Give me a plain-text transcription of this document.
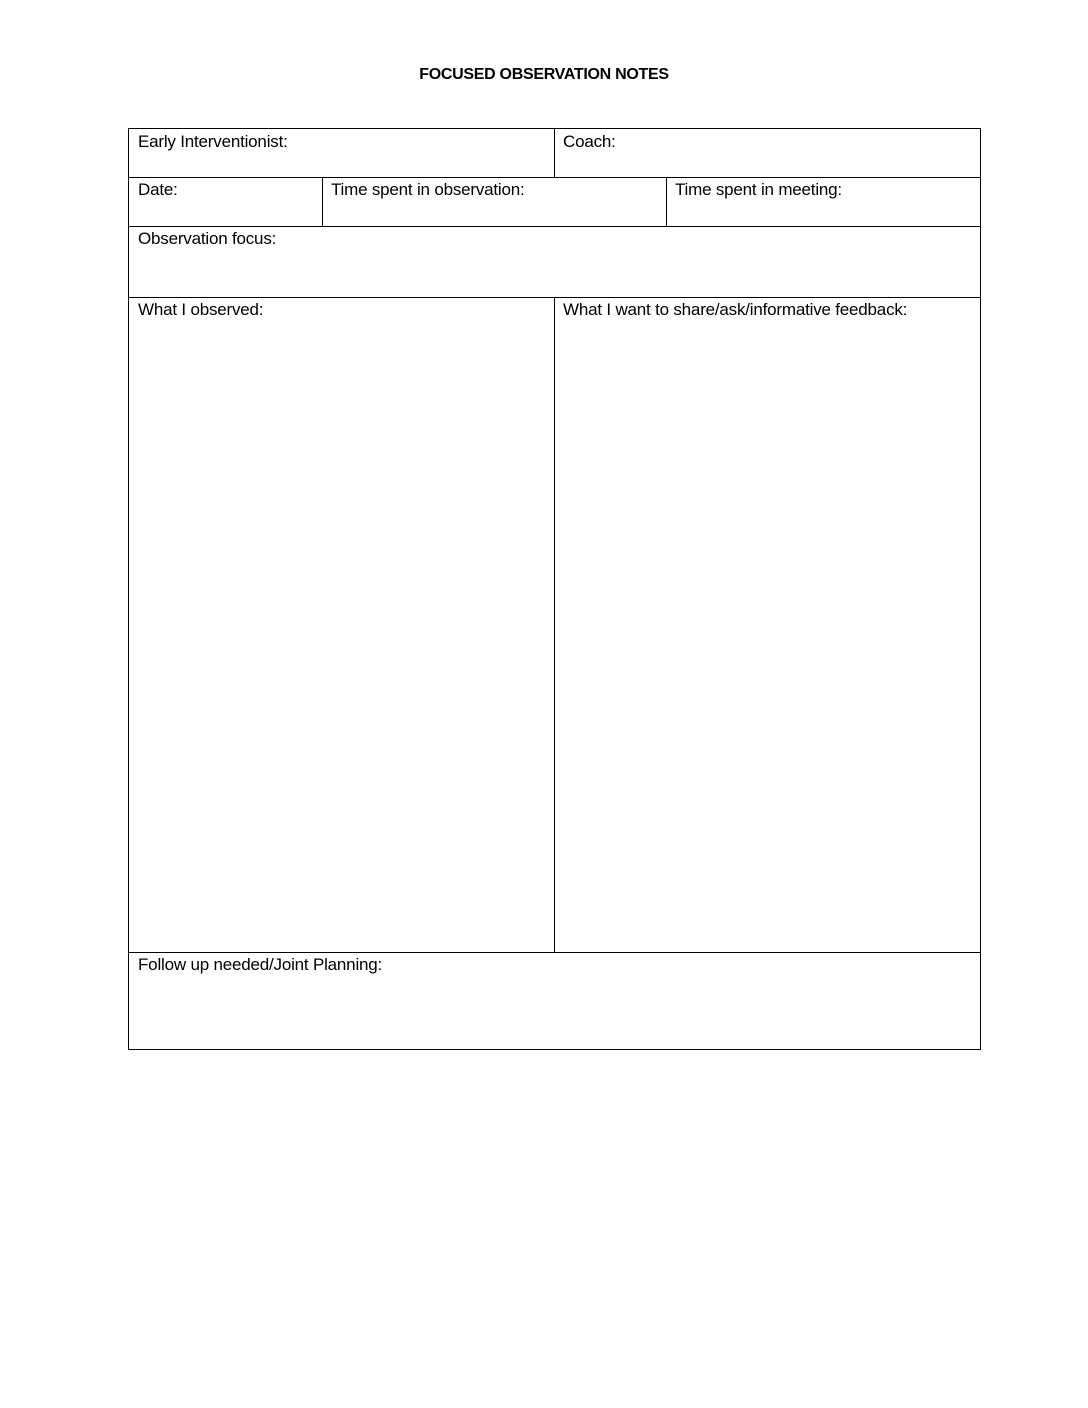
FOCUSED OBSERVATION NOTES
Early Interventionist:	Coach:
Date:	Time spent in observation:	Time spent in meeting:
Observation focus:
What I observed:	What I want to share/ask/informative feedback:
Follow up needed/Joint Planning:
